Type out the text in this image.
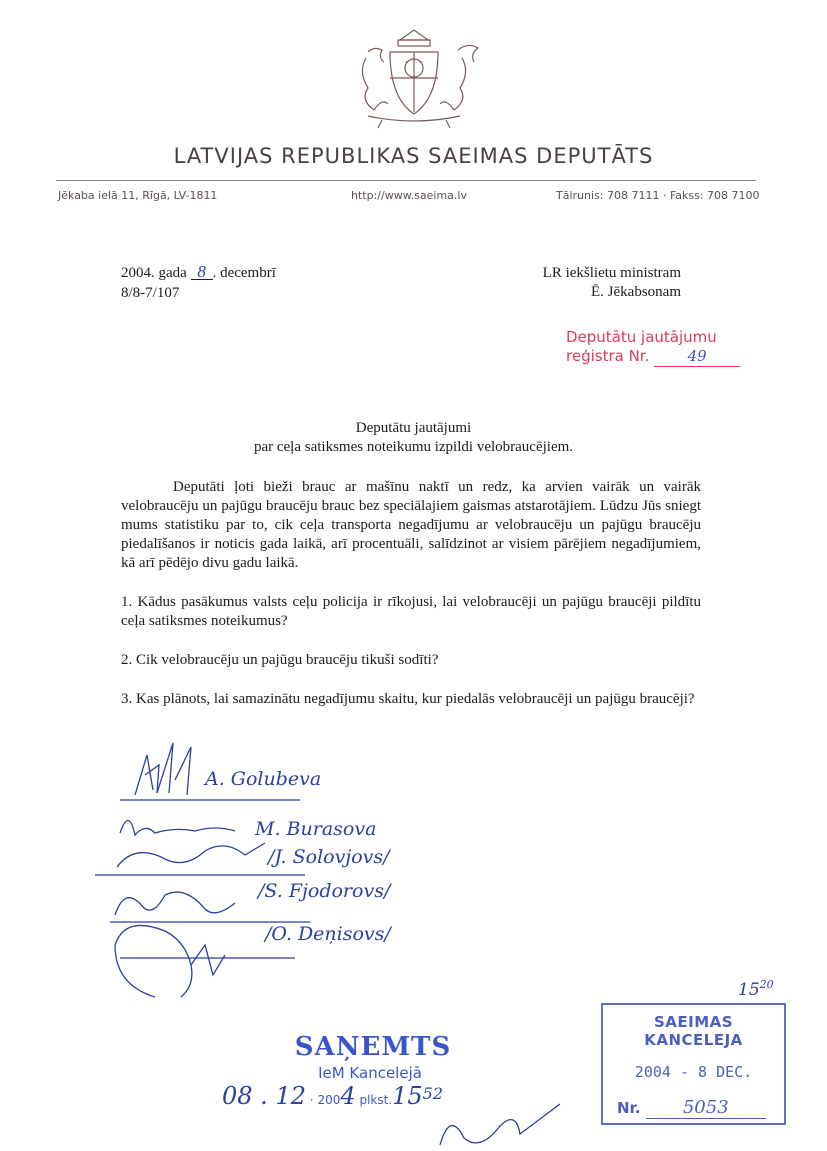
LATVIJAS REPUBLIKAS SAEIMAS DEPUTĀTS
Jēkaba ielā 11, Rīgā, LV-1811	http://www.saeima.lv	Tālrunis: 708 7111 · Fakss: 708 7100
2004. gada 8 . decembrī
8/8-7/107
LR iekšlietu ministram
Ē. Jēkabsonam
Deputātu jautājumu
reģistra Nr.	49
Deputātu jautājumi
par ceļa satiksmes noteikumu izpildi velobraucējiem.
Deputāti ļoti bieži brauc ar mašīnu naktī un redz, ka arvien vairāk un vairāk velobraucēju un pajūgu braucēju brauc bez speciālajiem gaismas atstarotājiem. Lūdzu Jūs sniegt mums statistiku par to, cik ceļa transporta negadījumu ar velobraucēju un pajūgu braucēju piedalīšanos ir noticis gada laikā, arī procentuāli, salīdzinot ar visiem pārējiem negadījumiem, kā arī pēdējo divu gadu laikā.
1. Kādus pasākumus valsts ceļu policija ir rīkojusi, lai velobraucēji un pajūgu braucēji pildītu ceļa satiksmes noteikumus?
2. Cik velobraucēju un pajūgu braucēju tikuši sodīti?
3. Kas plānots, lai samazinātu negadījumu skaitu, kur piedalās velobraucēji un pajūgu braucēji?
A. Golubeva
M. Burasova
/J. Solovjovs/
/S. Fjodorovs/
/O. Deņisovs/
SAŅEMTS
IeM Kancelejā
08 . 12 · 2004 $plkst.15^{52}$
$15^{20}$
SAEIMAS KANCELEJA
2004 - 8 DEC.
Nr. 5053
